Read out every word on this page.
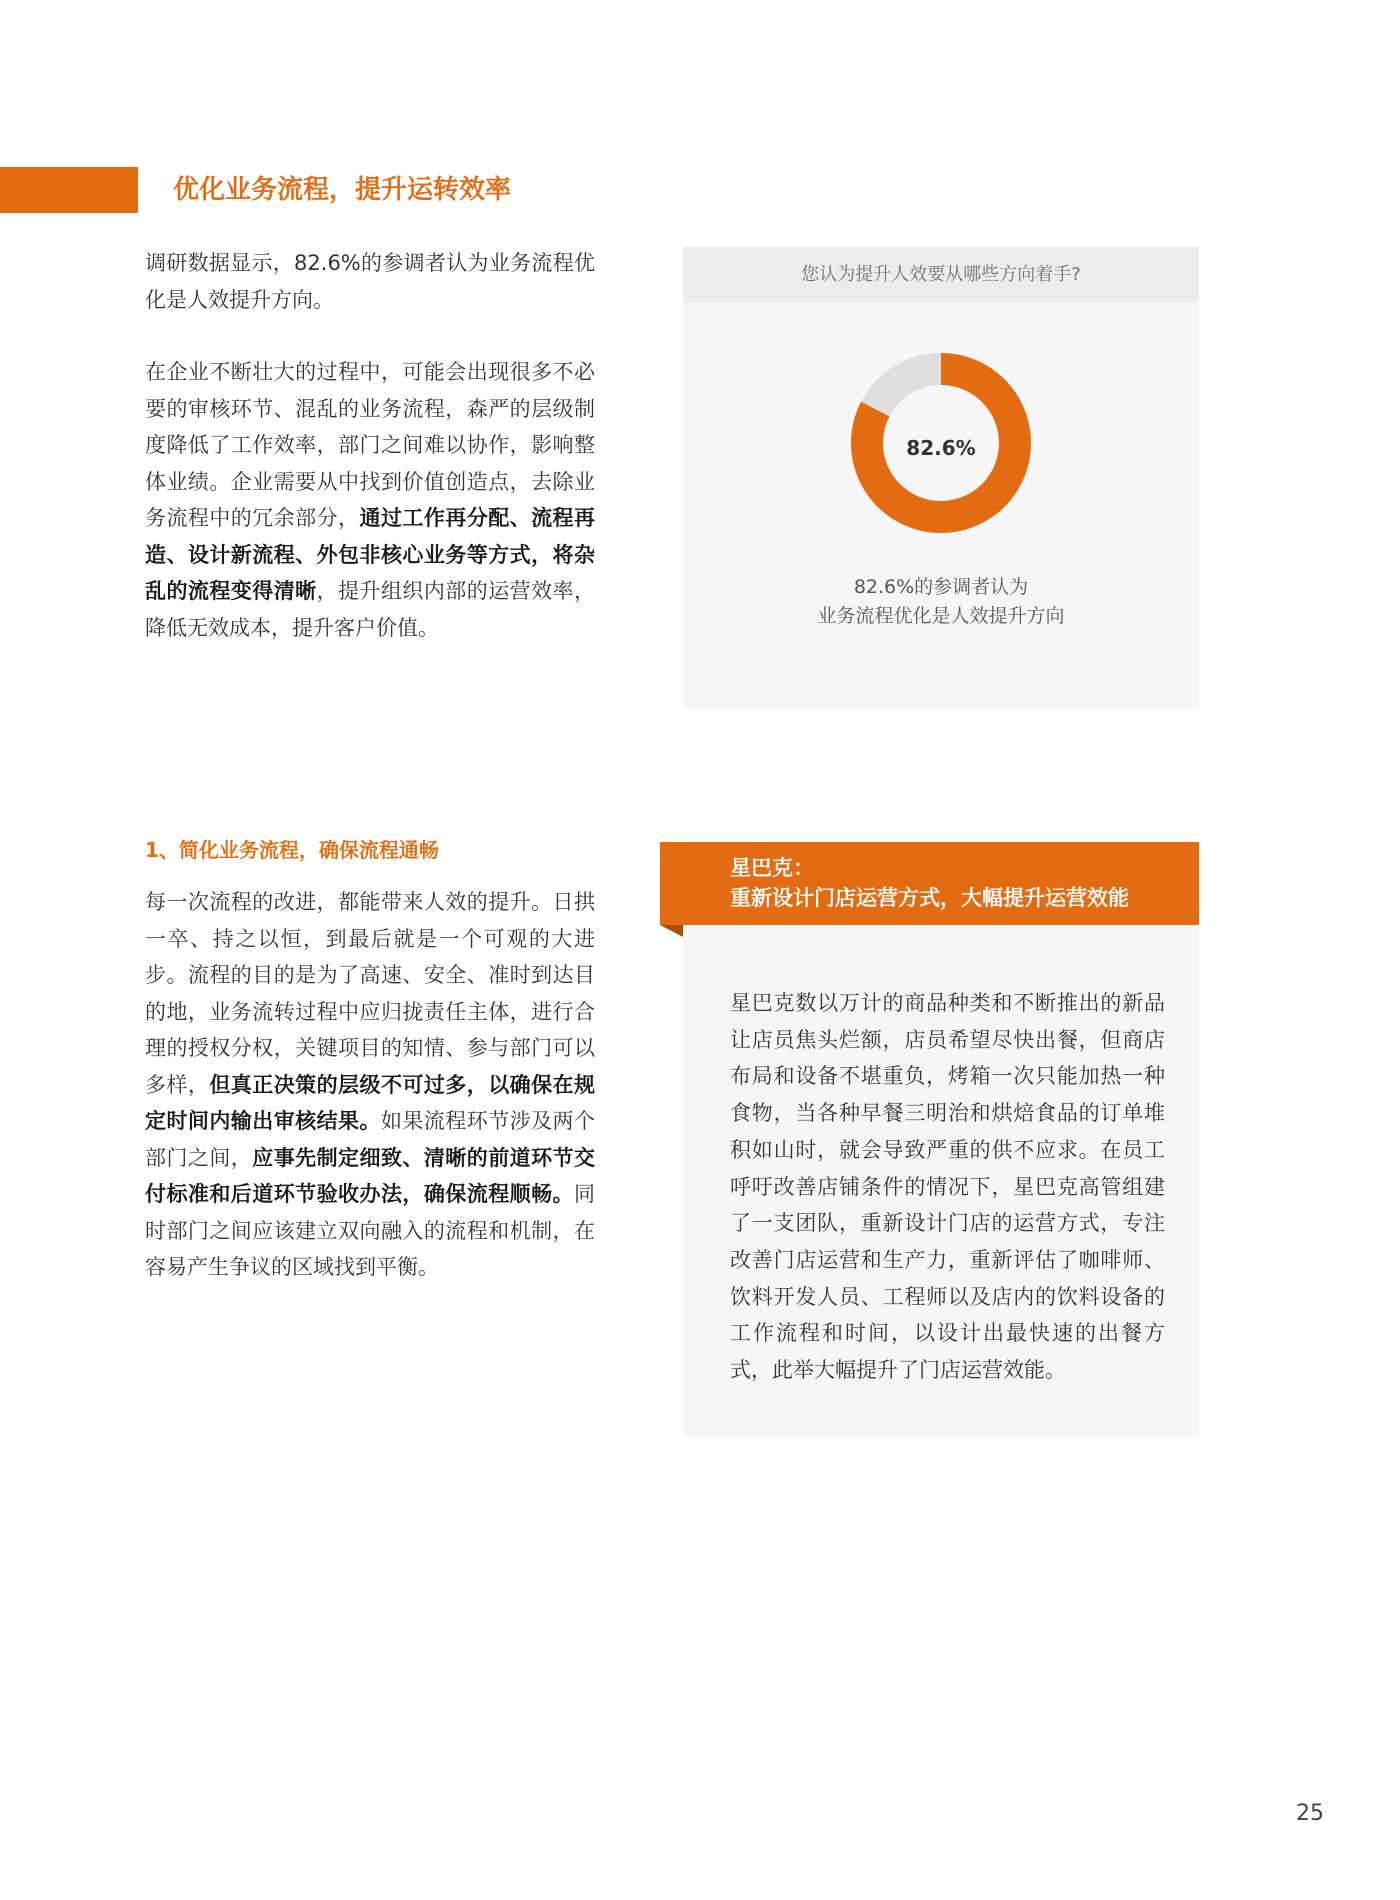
优化业务流程，提升运转效率

调研数据显示，82.6%的参调者认为业务流程优化是人效提升方向。

在企业不断壮大的过程中，可能会出现很多不必要的审核环节、混乱的业务流程，森严的层级制度降低了工作效率，部门之间难以协作，影响整体业绩。企业需要从中找到价值创造点，去除业务流程中的冗余部分，通过工作再分配、流程再造、设计新流程、外包非核心业务等方式，将杂乱的流程变得清晰，提升组织内部的运营效率，降低无效成本，提升客户价值。

您认为提升人效要从哪些方向着手?
82.6%
82.6%的参调者认为
业务流程优化是人效提升方向
1、简化业务流程，确保流程通畅

每一次流程的改进，都能带来人效的提升。日拱一卒、持之以恒，到最后就是一个可观的大进步。流程的目的是为了高速、安全、准时到达目的地，业务流转过程中应归拢责任主体，进行合理的授权分权，关键项目的知情、参与部门可以多样，但真正决策的层级不可过多，以确保在规定时间内输出审核结果。如果流程环节涉及两个部门之间，应事先制定细致、清晰的前道环节交付标准和后道环节验收办法，确保流程顺畅。同时部门之间应该建立双向融入的流程和机制，在容易产生争议的区域找到平衡。

星巴克：
重新设计门店运营方式，大幅提升运营效能

星巴克数以万计的商品种类和不断推出的新品让店员焦头烂额，店员希望尽快出餐，但商店布局和设备不堪重负，烤箱一次只能加热一种食物，当各种早餐三明治和烘焙食品的订单堆积如山时，就会导致严重的供不应求。在员工呼吁改善店铺条件的情况下，星巴克高管组建了一支团队，重新设计门店的运营方式，专注改善门店运营和生产力，重新评估了咖啡师、饮料开发人员、工程师以及店内的饮料设备的工作流程和时间，以设计出最快速的出餐方式，此举大幅提升了门店运营效能。

25
